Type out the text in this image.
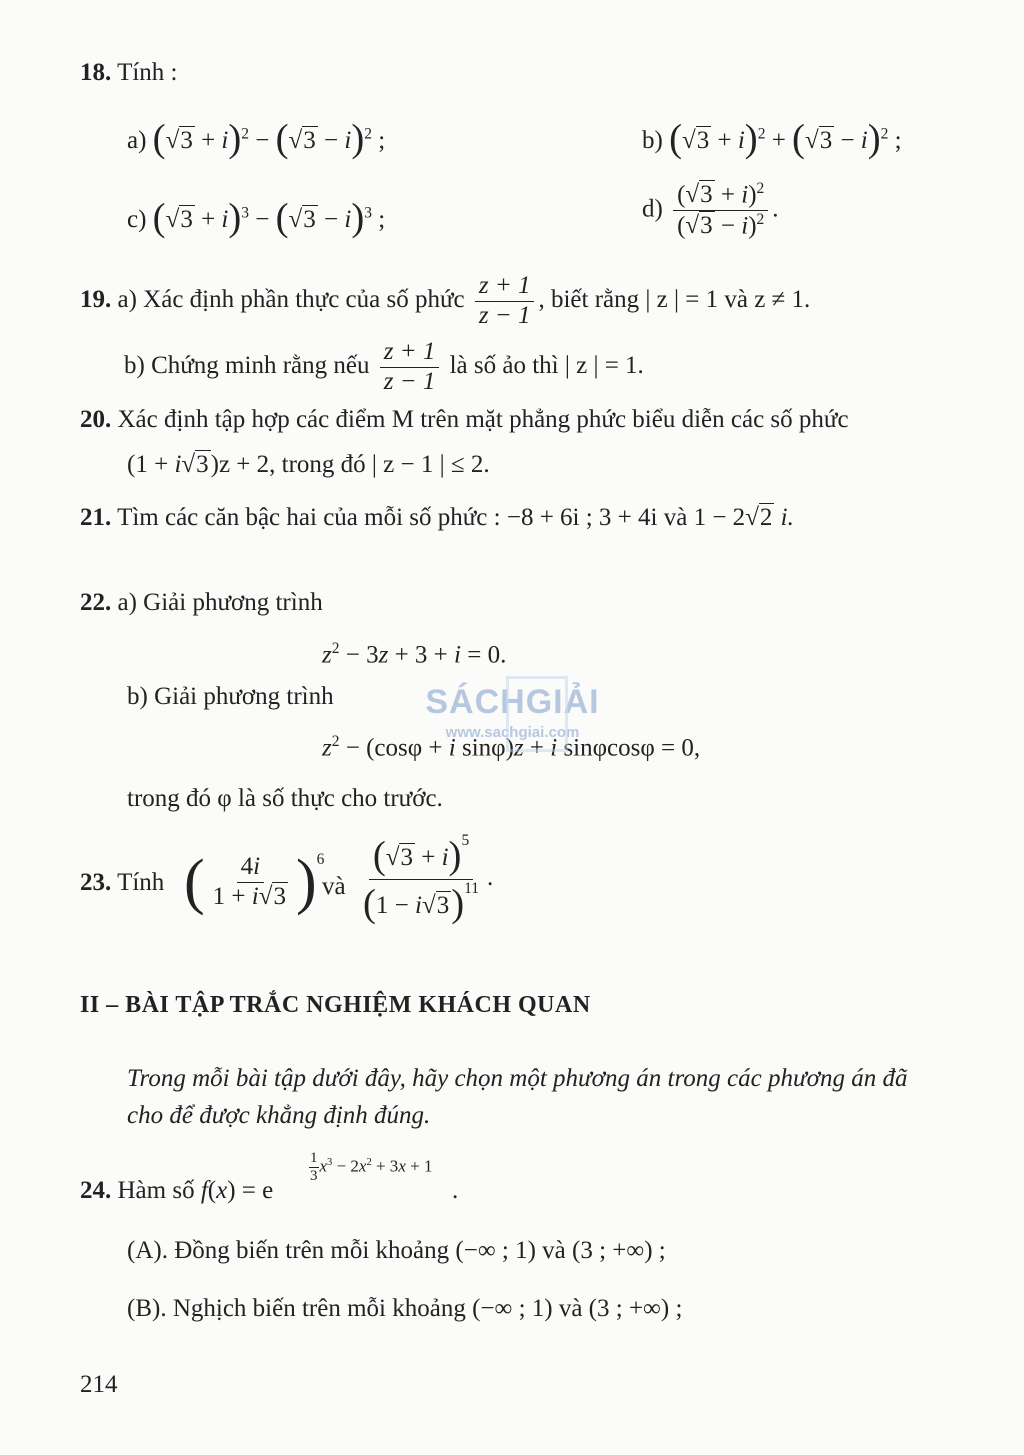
18. Tính :
a) ( √ 3 + i)$^2$ − ( √ 3 − i)$^2$ ;	b) ( √ 3 + i)$^2$ + ( √ 3 − i)$^2$ ;
c) ( √ 3 + i)$^3$ − ( √ 3 − i)$^3$ ;	$d) \frac{( √ 3 + i)^2}{( √ 3 - i)^2}$ .
19. a) Xác định phần thực của số phức $\frac{z + 1}{z - 1}$ , biết rằng | z | = 1 và z ≠ 1.
b) Chứng minh rằng nếu $\frac{z + 1}{z - 1}$ là số ảo thì | z | = 1.
20. Xác định tập hợp các điểm M trên mặt phẳng phức biểu diễn các số phức
(1 + i √ 3)z + 2, trong đó | z − 1 | ≤ 2.
21. Tìm các căn bậc hai của mỗi số phức : −8 + 6i ; 3 + 4i và 1 − 2 √ 2 i.
22. a) Giải phương trình
$z^2 - 3z + 3 + i = 0$.
b) Giải phương trình
$z^2 - (\cos\varphi + i$ sinφ)z + i sinφcosφ = 0,
trong đó φ là số thực cho trước.
SÁCHGIẢI
www.sachgiai.com
23. Tính ( $\frac{4i}{1 + i √ 3} )^6$
và $\frac{( √ 3 + i)^5}{(1 - i √ 3)^{11}}$ .
II – BÀI TẬP TRẮC NGHIỆM KHÁCH QUAN
Trong mỗi bài tập dưới đây, hãy chọn một phương án trong các phương án đã
cho để được khẳng định đúng.
24. Hàm số f(x) = e
$\frac{1}{3} x^3 - 2x^2 + 3x + 1$
.
(A). Đồng biến trên mỗi khoảng (−∞ ; 1) và (3 ; +∞) ;
(B). Nghịch biến trên mỗi khoảng (−∞ ; 1) và (3 ; +∞) ;
214
